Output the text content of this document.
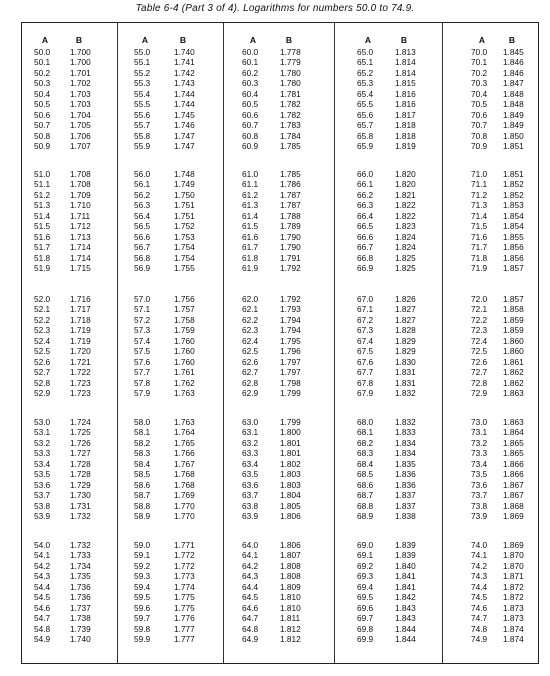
Table 6-4 (Part 3 of 4). Logarithms for numbers 50.0 to 74.9.
A	B
50.0 1.700
50.1 1.700
50.2 1.701
50.3 1.702
50.4 1.703
50.5 1.703
50.6 1.704
50.7 1.705
50.8 1.706
50.9 1.707
51.0 1.708
51.1 1.708
51.2 1.709
51.3 1.710
51.4 1.711
51.5 1.712
51.6 1.713
51.7 1.714
51.8 1.714
51.9 1.715
52.0 1.716
52.1 1.717
52.2 1.718
52.3 1.719
52.4 1.719
52.5 1.720
52.6 1.721
52.7 1.722
52.8 1.723
52.9 1.723
53.0 1.724
53.1 1.725
53.2 1.726
53.3 1.727
53.4 1.728
53.5 1.728
53.6 1.729
53.7 1.730
53.8 1.731
53.9 1.732
54.0 1.732
54.1 1.733
54.2 1.734
54.3 1.735
54.4 1.736
54.5 1.736
54.6 1.737
54.7 1.738
54.8 1.739
54.9 1.740
A	B
55.0	1.740
55.1	1.741
55.2	1.742
55.3	1.743
55.4	1.744
55.5	1.744
55.6	1.745
55.7	1.746
55.8	1.747
55.9	1.747
56.0	1.748
56.1	1.749
56.2	1.750
56.3	1.751
56.4	1.751
56.5	1.752
56.6	1.753
56.7	1.754
56.8	1.754
56.9	1.755
57.0	1.756
57.1	1.757
57.2	1.758
57.3	1.759
57.4	1.760
57.5	1.760
57.6	1.760
57.7	1.761
57.8	1.762
57.9	1.763
58.0	1.763
58.1	1.764
58.2	1.765
58.3	1.766
58.4	1.767
58.5	1.768
58.6	1.768
58.7	1.769
58.8	1.770
58.9	1.770
59.0	1.771
59.1	1.772
59.2	1.772
59.3	1.773
59.4	1.774
59.5	1.775
59.6	1.775
59.7	1.776
59.8	1.777
59.9	1.777
A	B
60.0	1.778
60.1	1.779
60.2	1.780
60.3	1.780
60.4	1.781
60.5	1.782
60.6	1.782
60.7	1.783
60.8	1.784
60.9	1.785
61.0	1.785
61.1	1.786
61.2	1.787
61.3	1.787
61.4	1.788
61.5	1.789
61.6	1.790
61.7	1.790
61.8	1.791
61.9	1.792
62.0	1.792
62.1	1.793
62.2	1.794
62.3	1.794
62.4	1.795
62.5	1.796
62.6	1.797
62.7	1.797
62.8	1.798
62.9	1.799
63.0	1.799
63.1	1.800
63.2	1.801
63.3	1.801
63.4	1.802
63.5	1.803
63.6	1.803
63.7	1.804
63.8	1.805
63.9	1.806
64.0	1.806
64.1	1.807
64.2	1.808
64.3	1.808
64.4	1.809
64.5	1.810
64.6	1.810
64.7	1.811
64.8	1.812
64.9	1.812
A	B
65.0	1.813
65.1	1.814
65.2	1.814
65.3	1.815
65.4	1.816
65.5	1.816
65.6	1.817
65.7	1.818
65.8	1.818
65.9	1.819
66.0	1.820
66.1	1.820
66.2	1.821
66.3	1.822
66.4	1.822
66.5	1.823
66.6	1.824
66.7	1.824
66.8	1.825
66.9	1.825
67.0	1.826
67.1	1.827
67.2	1.827
67.3	1.828
67.4	1.829
67.5	1.829
67.6	1.830
67.7	1.831
67.8	1.831
67.9	1.832
68.0	1.832
68.1	1.833
68.2	1.834
68.3	1.834
68.4	1.835
68.5	1.836
68.6	1.836
68.7	1.837
68.8	1.837
68.9	1.838
69.0	1.839
69.1	1.839
69.2	1.840
69.3	1.841
69.4	1.841
69.5	1.842
69.6	1.843
69.7	1.843
69.8	1.844
69.9	1.844
A	B
70.0 1.845
70.1 1.846
70.2 1.846
70.3 1.847
70.4 1.848
70.5 1.848
70.6 1.849
70.7 1.849
70.8 1.850
70.9 1.851
71.0 1.851
71.1 1.852
71.2 1.852
71.3 1.853
71.4 1.854
71.5 1.854
71.6 1.855
71.7 1.856
71.8 1.856
71.9 1.857
72.0 1.857
72.1 1.858
72.2 1.859
72.3 1.859
72.4 1.860
72.5 1.860
72.6 1.861
72.7 1.862
72.8 1.862
72.9 1.863
73.0 1.863
73.1 1.864
73.2 1.865
73.3 1.865
73.4 1.866
73.5 1.866
73.6 1.867
73.7 1.867
73.8 1.868
73.9 1.869
74.0 1.869
74.1 1.870
74.2 1.870
74.3 1.871
74.4 1.872
74.5 1.872
74.6 1.873
74.7 1.873
74.8 1.874
74.9 1.874
